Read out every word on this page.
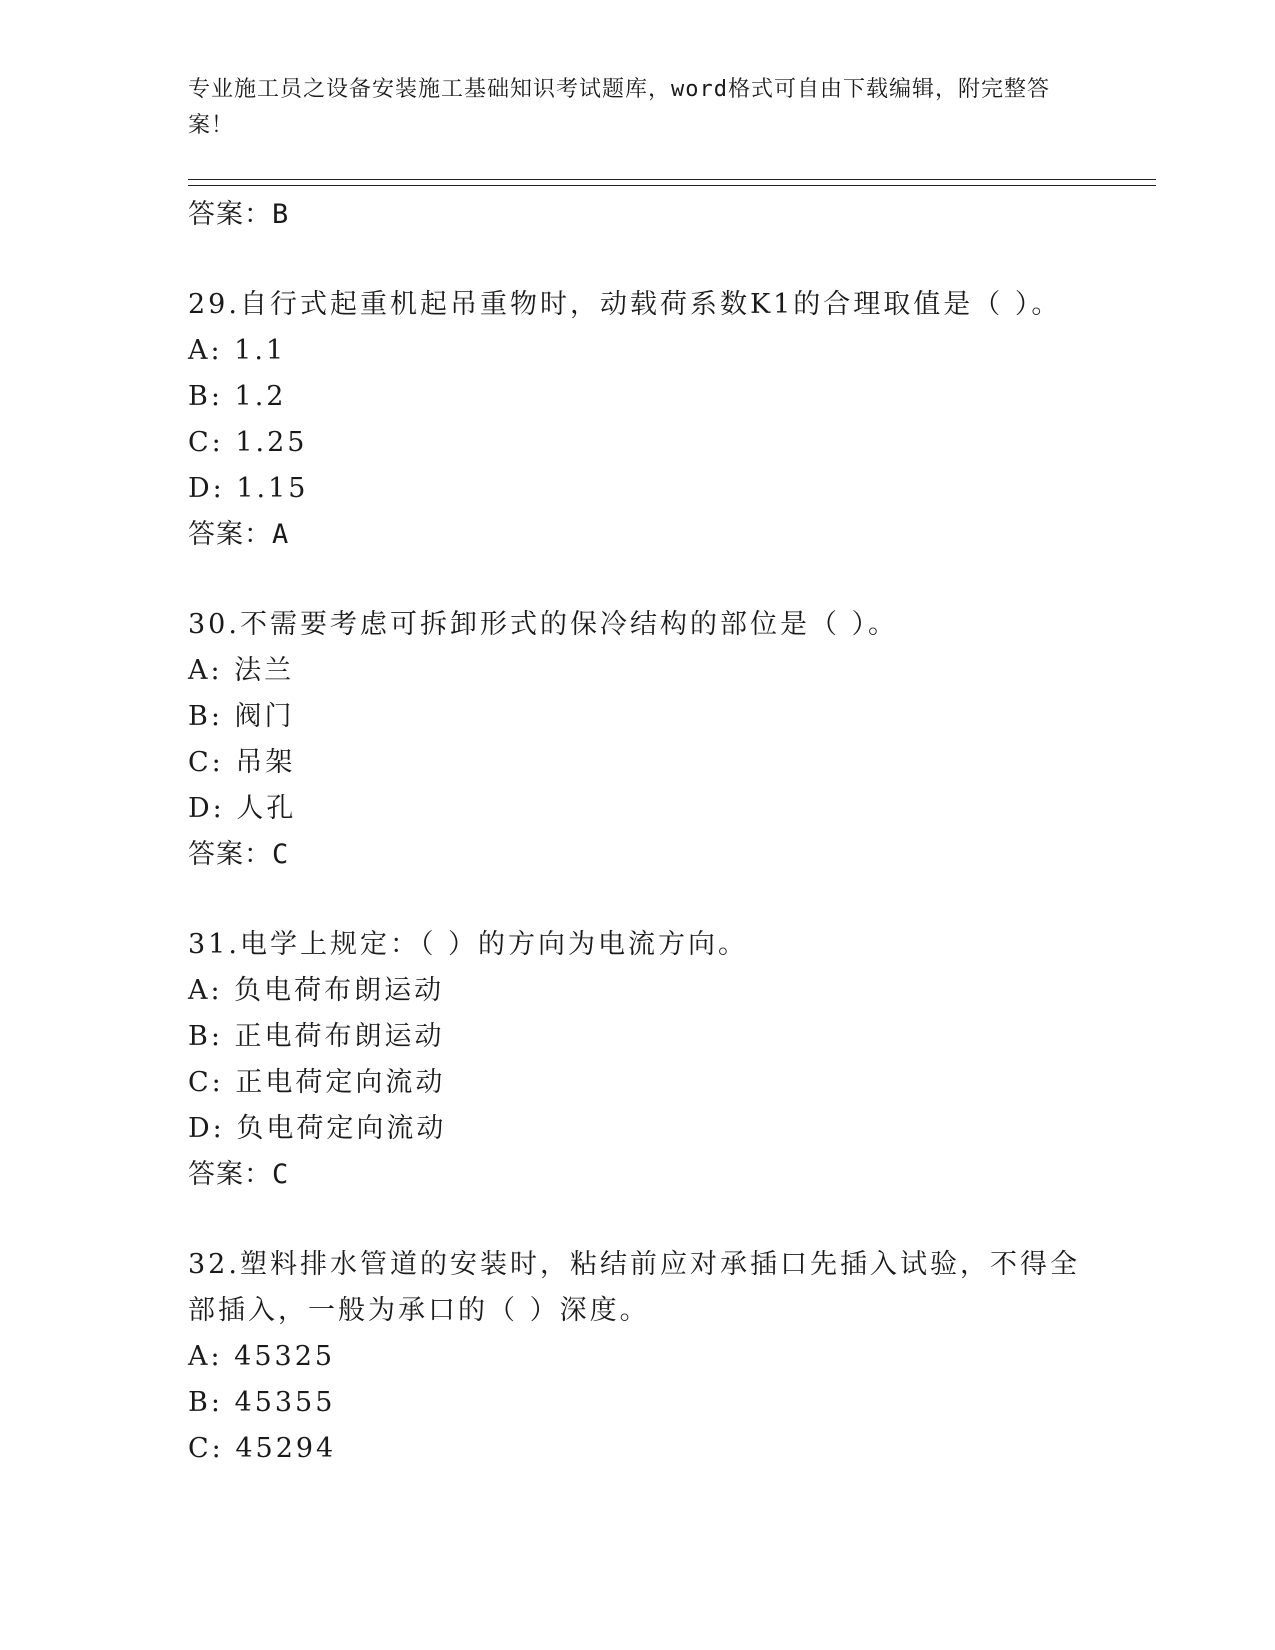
专业施工员之设备安装施工基础知识考试题库，word格式可自由下载编辑，附完整答案！
答案：B
29.自行式起重机起吊重物时，动载荷系数K1的合理取值是（ ）。
A: 1.1
B: 1.2
C: 1.25
D: 1.15
答案：A
30.不需要考虑可拆卸形式的保冷结构的部位是（ ）。
A: 法兰
B: 阀门
C: 吊架
D: 人孔
答案：C
31.电学上规定：（ ）的方向为电流方向。
A: 负电荷布朗运动
B: 正电荷布朗运动
C: 正电荷定向流动
D: 负电荷定向流动
答案：C
32.塑料排水管道的安装时，粘结前应对承插口先插入试验，不得全部插入，一般为承口的（ ）深度。
A: 45325
B: 45355
C: 45294
